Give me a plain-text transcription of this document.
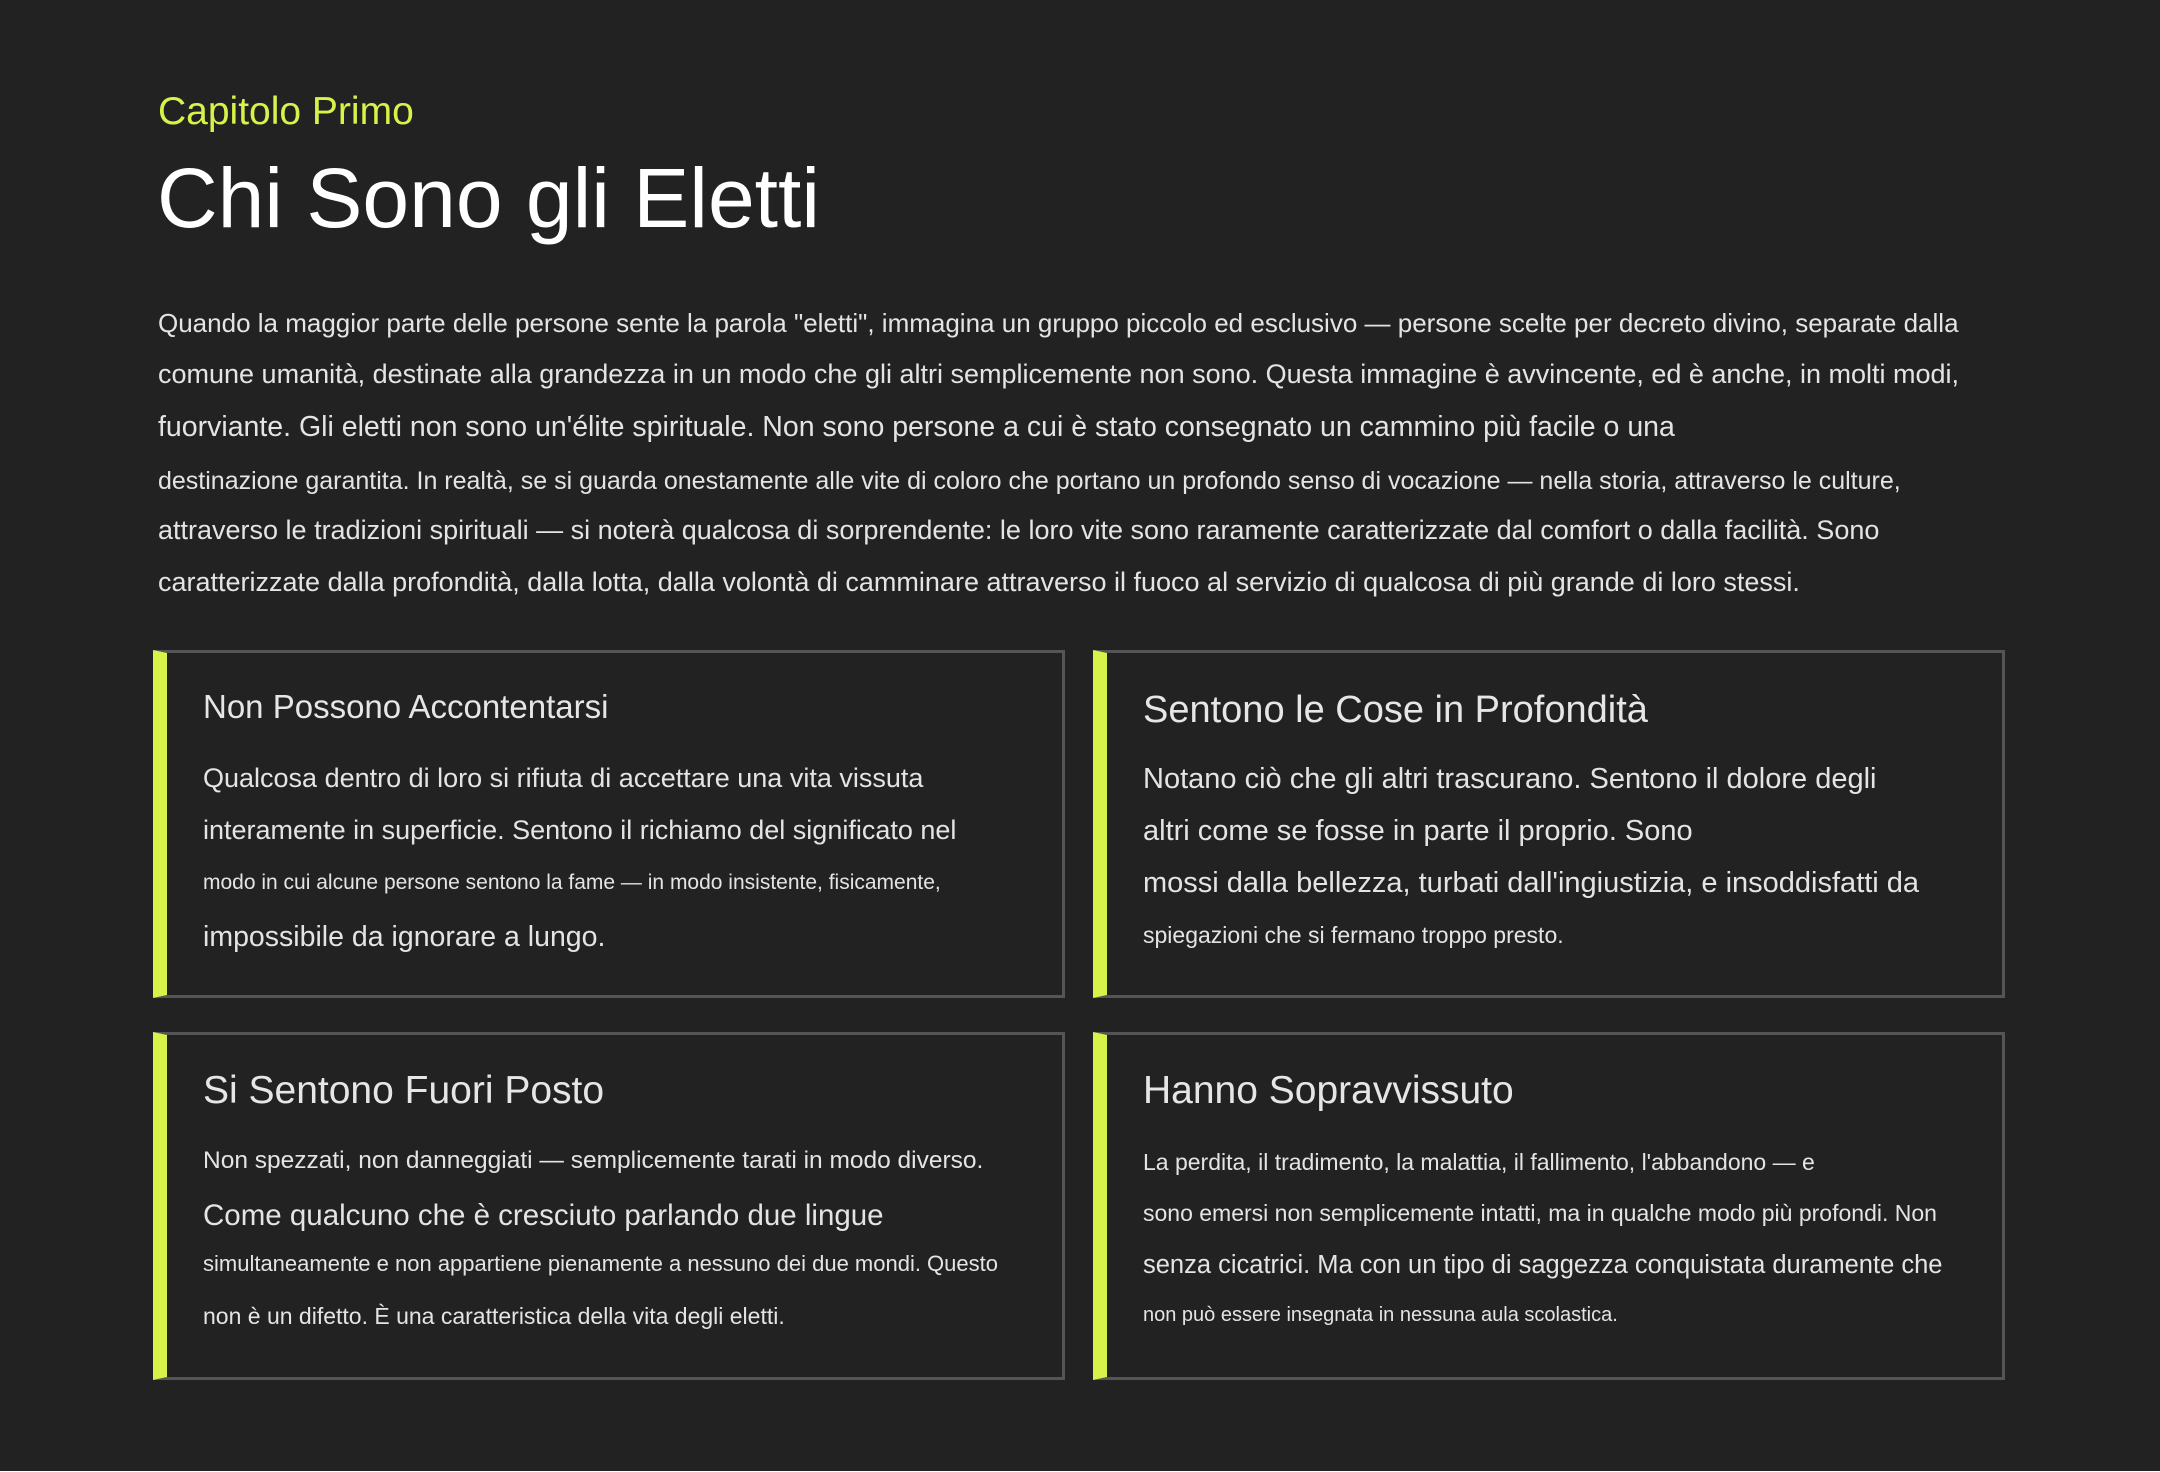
Capitolo Primo
Chi Sono gli Eletti
Quando la maggior parte delle persone sente la parola "eletti", immagina un gruppo piccolo ed esclusivo — persone scelte per decreto divino, separate dalla
comune umanità, destinate alla grandezza in un modo che gli altri semplicemente non sono. Questa immagine è avvincente, ed è anche, in molti modi,
fuorviante. Gli eletti non sono un'élite spirituale. Non sono persone a cui è stato consegnato un cammino più facile o una
destinazione garantita. In realtà, se si guarda onestamente alle vite di coloro che portano un profondo senso di vocazione — nella storia, attraverso le culture,
attraverso le tradizioni spirituali — si noterà qualcosa di sorprendente: le loro vite sono raramente caratterizzate dal comfort o dalla facilità. Sono
caratterizzate dalla profondità, dalla lotta, dalla volontà di camminare attraverso il fuoco al servizio di qualcosa di più grande di loro stessi.
Non Possono Accontentarsi
Qualcosa dentro di loro si rifiuta di accettare una vita vissuta
interamente in superficie. Sentono il richiamo del significato nel
modo in cui alcune persone sentono la fame — in modo insistente, fisicamente,
impossibile da ignorare a lungo.
Sentono le Cose in Profondità
Notano ciò che gli altri trascurano. Sentono il dolore degli
altri come se fosse in parte il proprio. Sono
mossi dalla bellezza, turbati dall'ingiustizia, e insoddisfatti da
spiegazioni che si fermano troppo presto.
Si Sentono Fuori Posto
Non spezzati, non danneggiati — semplicemente tarati in modo diverso.
Come qualcuno che è cresciuto parlando due lingue
simultaneamente e non appartiene pienamente a nessuno dei due mondi. Questo
non è un difetto. È una caratteristica della vita degli eletti.
Hanno Sopravvissuto
La perdita, il tradimento, la malattia, il fallimento, l'abbandono — e
sono emersi non semplicemente intatti, ma in qualche modo più profondi. Non
senza cicatrici. Ma con un tipo di saggezza conquistata duramente che
non può essere insegnata in nessuna aula scolastica.
